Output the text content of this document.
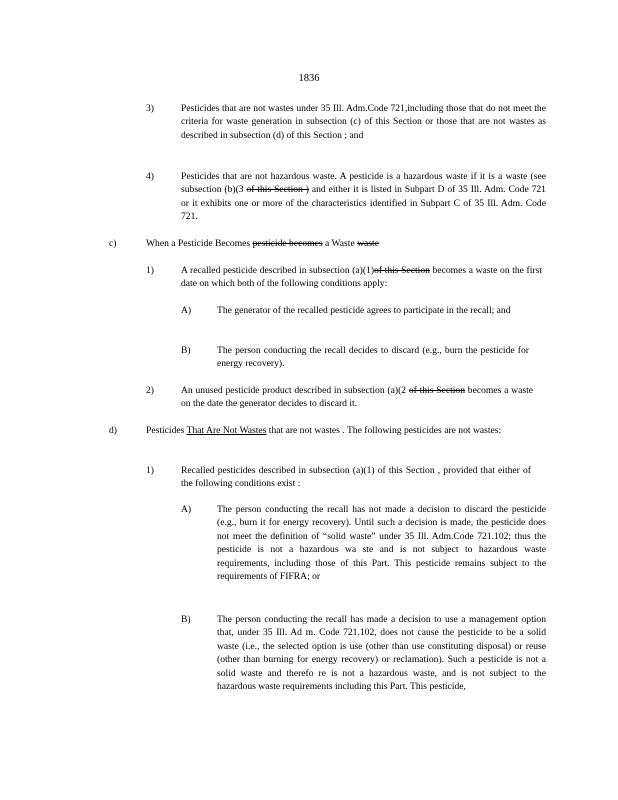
1836
3)	Pesticides that are not wastes under 35 Ill. Adm.Code 721,including those that do not meet the criteria for waste generation in subsection (c) of this Section or those that are not wastes as described in subsection (d) of this Section ; and
4)	Pesticides that are not hazardous waste. A pesticide is a hazardous waste if it is a waste (see subsection (b)(3 of this Section ) and either it is listed in Subpart D of 35 Ill. Adm. Code 721 or it exhibits one or more of the characteristics identified in Subpart C of 35 Ill. Adm. Code 721.
c)	When a Pesticide Becomes pesticide becomes a Waste waste
1)	A recalled pesticide described in subsection (a)(1)of this Section becomes a waste on the first date on which both of the following conditions apply:
A)	The generator of the recalled pesticide agrees to participate in the recall; and
B)	The person conducting the recall decides to discard (e.g., burn the pesticide for energy recovery).
2)	An unused pesticide product described in subsection (a)(2 of this Section becomes a waste on the date the generator decides to discard it.
d)	Pesticides That Are Not Wastes that are not wastes . The following pesticides are not wastes:
1)	Recalled pesticides described in subsection (a)(1) of this Section , provided that either of the following conditions exist :
A)	The person conducting the recall has not made a decision to discard the pesticide (e.g., burn it for energy recovery). Until such a decision is made, the pesticide does not meet the definition of “solid waste” under 35 Ill. Adm.Code 721.102; thus the pesticide is not a hazardous wa ste and is not subject to hazardous waste requirements, including those of this Part. This pesticide remains subject to the requirements of FIFRA; or
B)	The person conducting the recall has made a decision to use a management option that, under 35 Ill. Ad m. Code 721.102, does not cause the pesticide to be a solid waste (i.e., the selected option is use (other than use constituting disposal) or reuse (other than burning for energy recovery) or reclamation). Such a pesticide is not a solid waste and therefo re is not a hazardous waste, and is not subject to the hazardous waste requirements including this Part. This pesticide,
